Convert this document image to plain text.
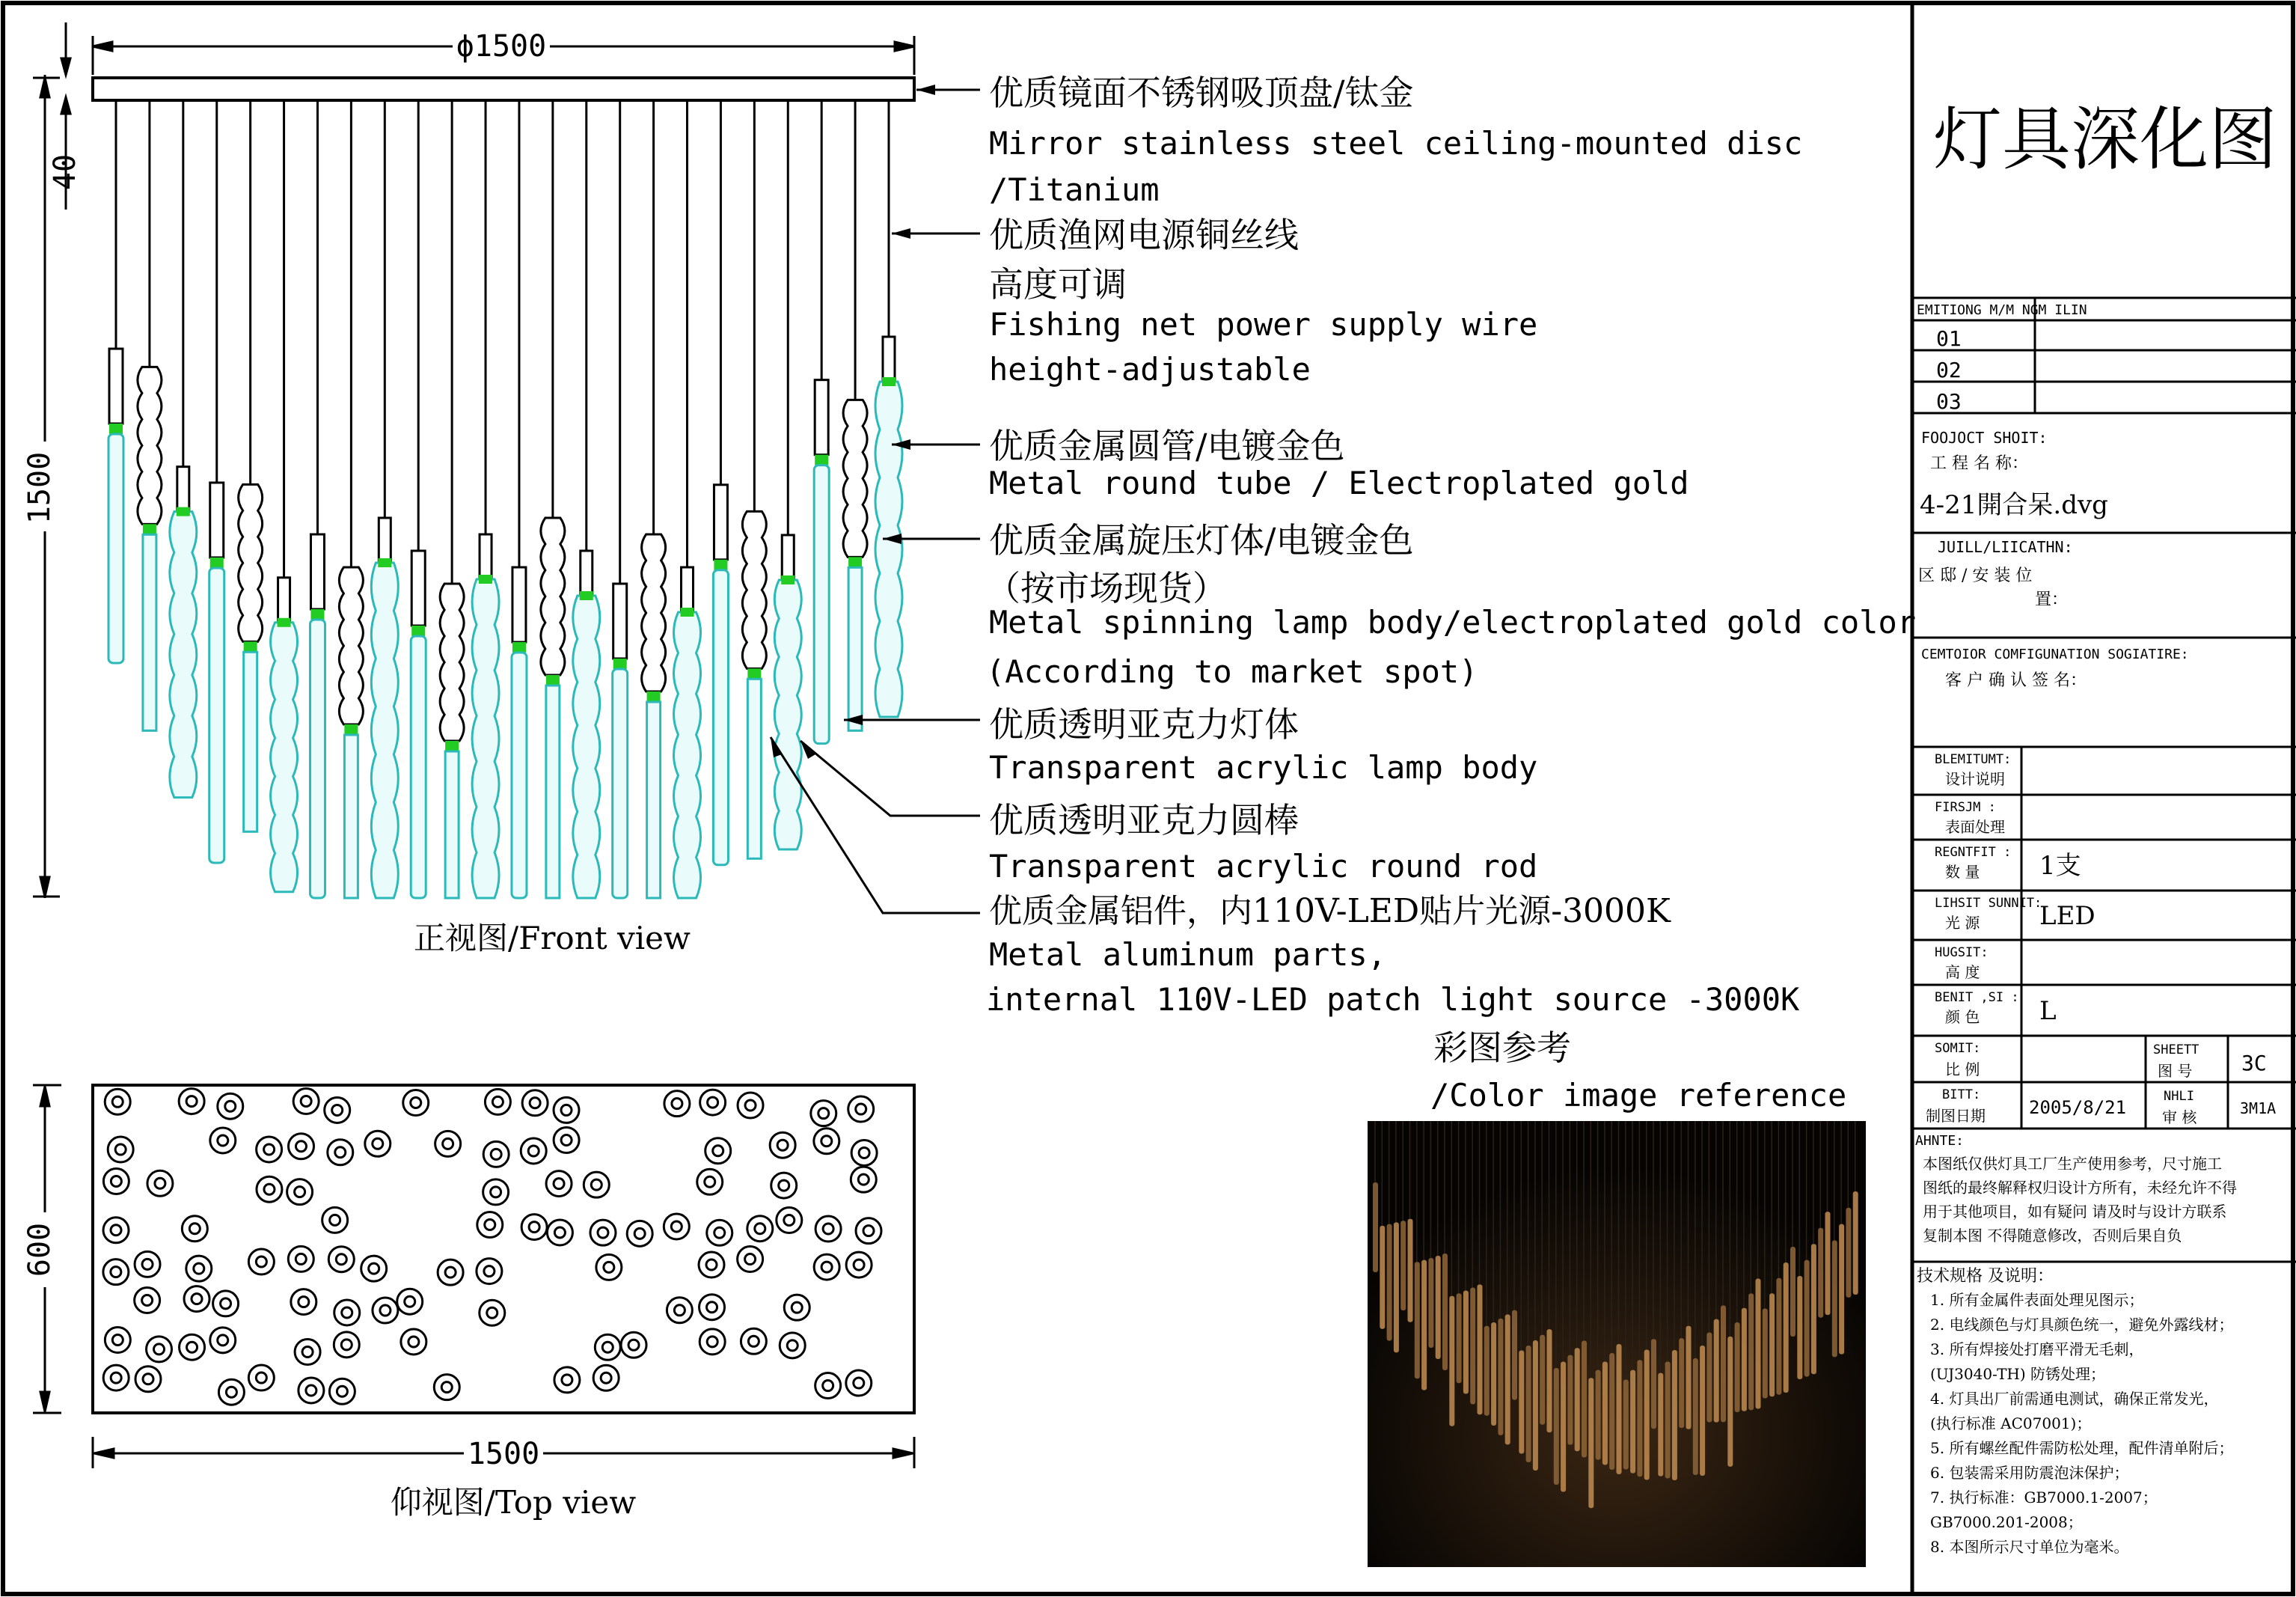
ϕ1500
40
1500
正视图/Front view
优质镜面不锈钢吸顶盘/钛金
Mirror stainless steel ceiling-mounted disc
/Titanium
优质渔网电源铜丝线
高度可调
Fishing net power supply wire
height-adjustable
优质金属圆管/电镀金色
Metal round tube / Electroplated gold
优质金属旋压灯体/电镀金色
（按市场现货）
Metal spinning lamp body/electroplated gold color
(According to market spot)
优质透明亚克力灯体
Transparent acrylic lamp body
优质透明亚克力圆棒
Transparent acrylic round rod
优质金属铝件，内110V-LED贴片光源-3000K
Metal aluminum parts,
internal 110V-LED patch light source -3000K
600
1500
仰视图/Top view
彩图参考
/Color image reference
灯具深化图
EMITIONG M/M NGM ILIN
01
02
03
FOOJOCT SHOIT:
工 程 名 称：
4-21開合呆.dvg
JUILL/LIICATHN:
区 邸 / 安 装 位
置：
CEMTOIOR COMFIGUNATION SOGIATIRE:
客 户 确 认 签 名：
BLEMITUMT:
设计说明
FIRSJM :
表面处理
REGNTFIT :
数 量 1支
LIHSIT SUNNIT:
光 源 LED
HUGSIT:
高 度
BENIT ,SI :
颜 色 L
SOMIT:
比 例
SHEETT
图 号 3C
BITT:
制图日期 2005/8/21
NHLI
审 核	3M1A
AHNTE:
本图纸仅供灯具工厂生产使用参考，尺寸施工
图纸的最终解释权归设计方所有，未经允许不得
用于其他项目，如有疑问 请及时与设计方联系
复制本图 不得随意修改，否则后果自负
技术规格 及说明：
1. 所有金属件表面处理见图示；
2. 电线颜色与灯具颜色统一，避免外露线材；
3. 所有焊接处打磨平滑无毛刺，
(UJ3040-TH) 防锈处理；
4. 灯具出厂前需通电测试，确保正常发光，
(执行标准 AC07001)；
5. 所有螺丝配件需防松处理，配件清单附后；
6. 包装需采用防震泡沫保护；
7. 执行标准：GB7000.1-2007；
GB7000.201-2008；
8. 本图所示尺寸单位为毫米。
